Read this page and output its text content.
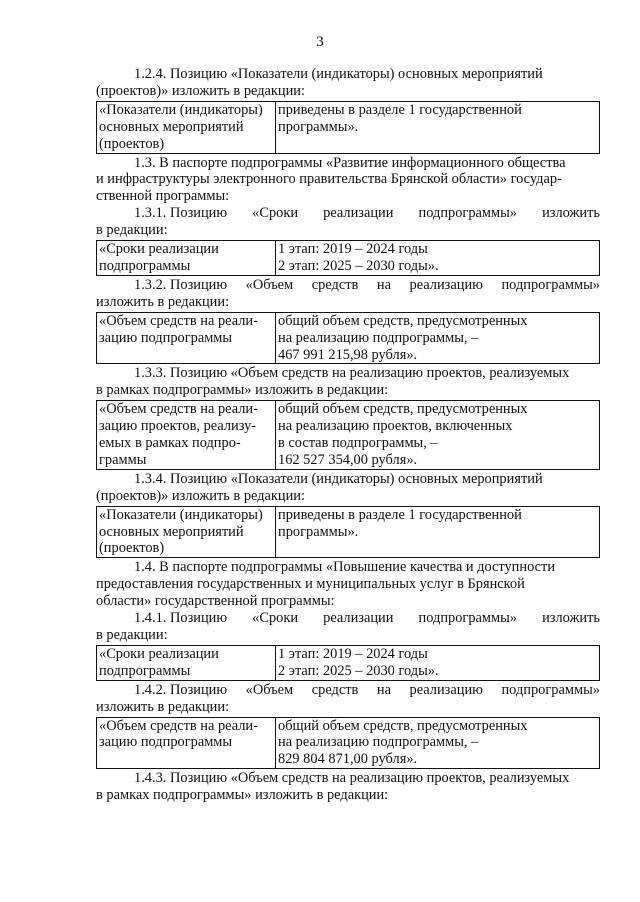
3
1.2.4. Позицию «Показатели (индикаторы) основных мероприятий
(проектов)» изложить в редакции:
«Показатели (индикаторы)
основных мероприятий
(проектов)

приведены в разделе 1 государственной
программы».
1.3. В паспорте подпрограммы «Развитие информационного общества
и инфраструктуры электронного правительства Брянской области» государ-
ственной программы:
1.3.1. Позицию «Сроки реализации подпрограммы» изложить
в редакции:
«Сроки реализации
подпрограммы

1 этап: 2019 – 2024 годы
2 этап: 2025 – 2030 годы».
1.3.2. Позицию «Объем средств на реализацию подпрограммы»
изложить в редакции:
«Объем средств на реали-
зацию подпрограммы

общий объем средств, предусмотренных
на реализацию подпрограммы, –
467 991 215,98 рубля».
1.3.3. Позицию «Объем средств на реализацию проектов, реализуемых
в рамках подпрограммы» изложить в редакции:
«Объем средств на реали-
зацию проектов, реализу-
емых в рамках подпро-
граммы

общий объем средств, предусмотренных
на реализацию проектов, включенных
в состав подпрограммы, –
162 527 354,00 рубля».
1.3.4. Позицию «Показатели (индикаторы) основных мероприятий
(проектов)» изложить в редакции:
«Показатели (индикаторы)
основных мероприятий
(проектов)

приведены в разделе 1 государственной
программы».
1.4. В паспорте подпрограммы «Повышение качества и доступности
предоставления государственных и муниципальных услуг в Брянской
области» государственной программы:
1.4.1. Позицию «Сроки реализации подпрограммы» изложить
в редакции:
«Сроки реализации
подпрограммы

1 этап: 2019 – 2024 годы
2 этап: 2025 – 2030 годы».
1.4.2. Позицию «Объем средств на реализацию подпрограммы»
изложить в редакции:
«Объем средств на реали-
зацию подпрограммы

общий объем средств, предусмотренных
на реализацию подпрограммы, –
829 804 871,00 рубля».
1.4.3. Позицию «Объем средств на реализацию проектов, реализуемых
в рамках подпрограммы» изложить в редакции:
